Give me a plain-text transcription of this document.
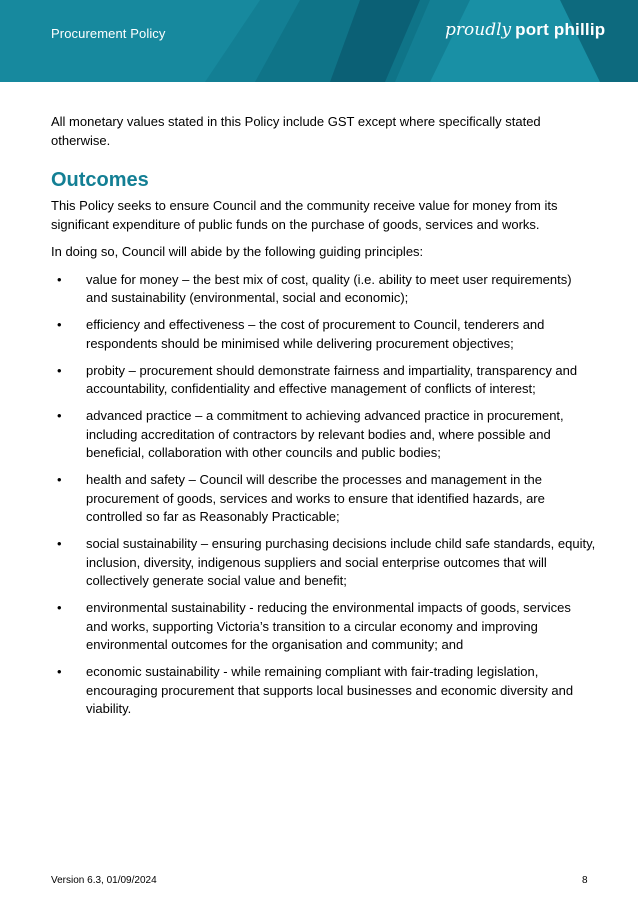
Procurement Policy	proudly port phillip

All monetary values stated in this Policy include GST except where specifically stated otherwise.

Outcomes

This Policy seeks to ensure Council and the community receive value for money from its significant expenditure of public funds on the purchase of goods, services and works.

In doing so, Council will abide by the following guiding principles:

• value for money – the best mix of cost, quality (i.e. ability to meet user requirements) and sustainability (environmental, social and economic);
• efficiency and effectiveness – the cost of procurement to Council, tenderers and respondents should be minimised while delivering procurement objectives;
• probity – procurement should demonstrate fairness and impartiality, transparency and accountability, confidentiality and effective management of conflicts of interest;
• advanced practice – a commitment to achieving advanced practice in procurement, including accreditation of contractors by relevant bodies and, where possible and beneficial, collaboration with other councils and public bodies;
• health and safety – Council will describe the processes and management in the procurement of goods, services and works to ensure that identified hazards, are controlled so far as Reasonably Practicable;
• social sustainability – ensuring purchasing decisions include child safe standards, equity, inclusion, diversity, indigenous suppliers and social enterprise outcomes that will collectively generate social value and benefit;
• environmental sustainability - reducing the environmental impacts of goods, services and works, supporting Victoria’s transition to a circular economy and improving environmental outcomes for the organisation and community; and
• economic sustainability - while remaining compliant with fair-trading legislation, encouraging procurement that supports local businesses and economic diversity and viability.
Version 6.3, 01/09/2024	8
